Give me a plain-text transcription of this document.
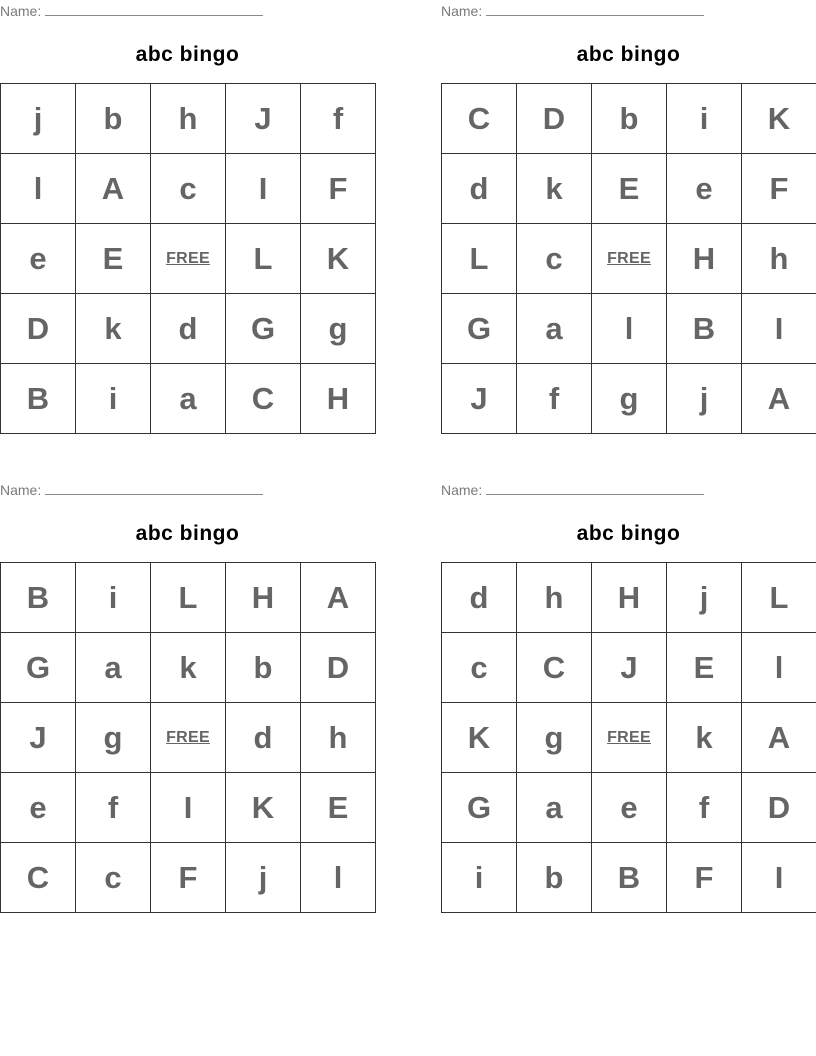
Name:
abc bingo
j	b	h	J	f
l	A	c	I	F
e	E	FREE	L	K
D	k	d	G	g
B	i	a	C	H
Name:
abc bingo
C	D	b	i	K
d	k	E	e	F
L	c	FREE	H	h
G	a	l	B	I
J	f	g	j	A
Name:
abc bingo
B	i	L	H	A
G	a	k	b	D
J	g	FREE	d	h
e	f	I	K	E
C	c	F	j	l
Name:
abc bingo
d	h	H	j	L
c	C	J	E	l
K	g	FREE	k	A
G	a	e	f	D
i	b	B	F	I
